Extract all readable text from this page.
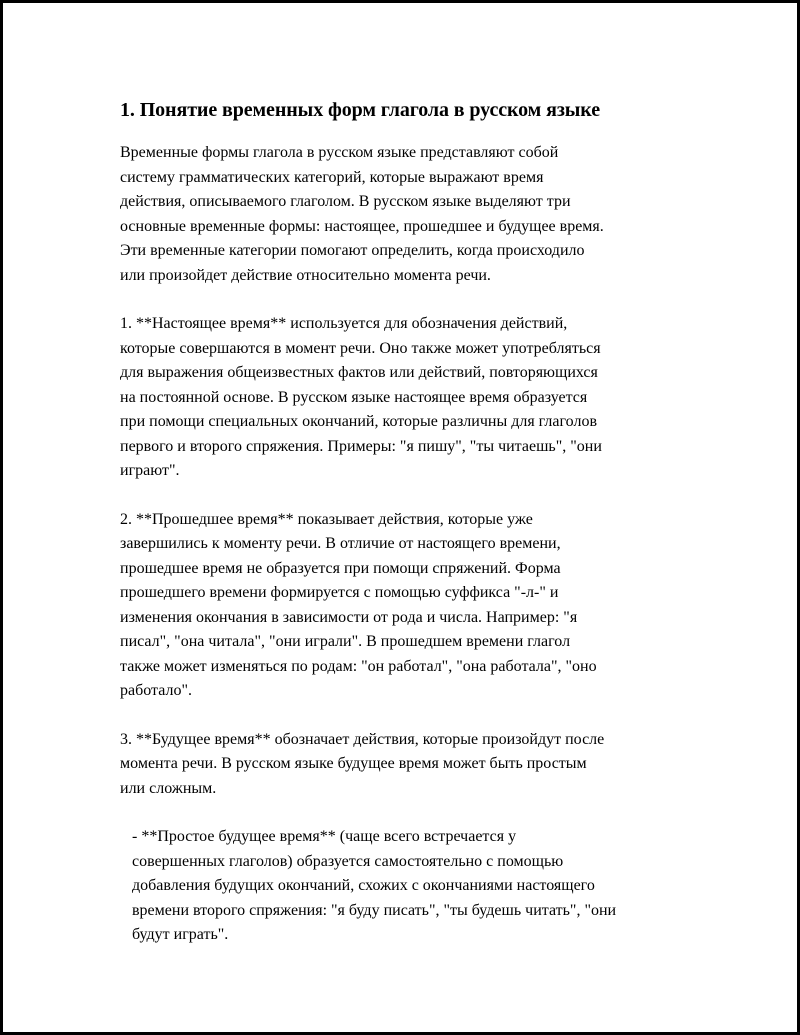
1. Понятие временных форм глагола в русском языке

Временные формы глагола в русском языке представляют собой
систему грамматических категорий, которые выражают время
действия, описываемого глаголом. В русском языке выделяют три
основные временные формы: настоящее, прошедшее и будущее время.
Эти временные категории помогают определить, когда происходило
или произойдет действие относительно момента речи.

1. **Настоящее время** используется для обозначения действий,
которые совершаются в момент речи. Оно также может употребляться
для выражения общеизвестных фактов или действий, повторяющихся
на постоянной основе. В русском языке настоящее время образуется
при помощи специальных окончаний, которые различны для глаголов
первого и второго спряжения. Примеры: "я пишу", "ты читаешь", "они
играют".

2. **Прошедшее время** показывает действия, которые уже
завершились к моменту речи. В отличие от настоящего времени,
прошедшее время не образуется при помощи спряжений. Форма
прошедшего времени формируется с помощью суффикса "-л-" и
изменения окончания в зависимости от рода и числа. Например: "я
писал", "она читала", "они играли". В прошедшем времени глагол
также может изменяться по родам: "он работал", "она работала", "оно
работало".

3. **Будущее время** обозначает действия, которые произойдут после
момента речи. В русском языке будущее время может быть простым
или сложным.

- **Простое будущее время** (чаще всего встречается у
совершенных глаголов) образуется самостоятельно с помощью
добавления будущих окончаний, схожих с окончаниями настоящего
времени второго спряжения: "я буду писать", "ты будешь читать", "они
будут играть".
